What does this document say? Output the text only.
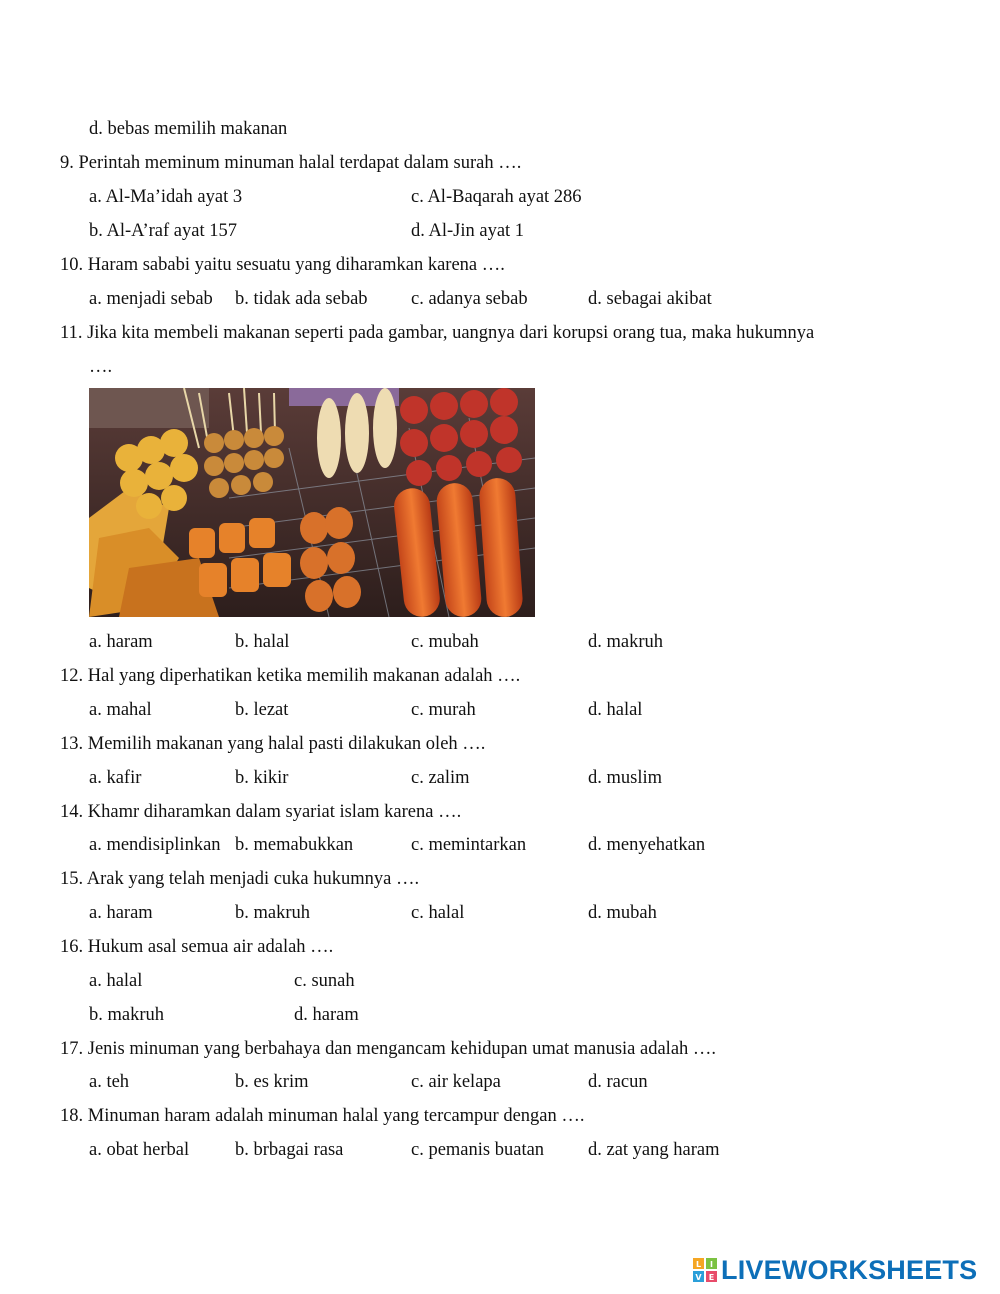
d. bebas memilih makanan
9. Perintah meminum minuman halal terdapat dalam surah ….
a. Al-Ma’idah ayat 3	c. Al-Baqarah ayat 286
b. Al-A’raf ayat 157	d. Al-Jin ayat 1
10. Haram sababi yaitu sesuatu yang diharamkan karena ….
a. menjadi sebab b. tidak ada sebab c. adanya sebab	d. sebagai akibat
11. Jika kita membeli makanan seperti pada gambar, uangnya dari korupsi orang tua, maka hukumnya
….
a. haram	b. halal	c. mubah	d. makruh
12. Hal yang diperhatikan ketika memilih makanan adalah ….
a. mahal	b. lezat	c. murah	d. halal
13. Memilih makanan yang halal pasti dilakukan oleh ….
a. kafir	b. kikir	c. zalim	d. muslim
14. Khamr diharamkan dalam syariat islam karena ….
a. mendisiplinkan b. memabukkan	c. memintarkan	d. menyehatkan
15. Arak yang telah menjadi cuka hukumnya ….
a. haram	b. makruh	c. halal	d. mubah
16. Hukum asal semua air adalah ….
a. halal	c. sunah
b. makruh	d. haram
17. Jenis minuman yang berbahaya dan mengancam kehidupan umat manusia adalah ….
a. teh	b. es krim	c. air kelapa	d. racun
18. Minuman haram adalah minuman halal yang tercampur dengan ….
a. obat herbal b. brbagai rasa	c. pemanis buatan d. zat yang haram
L I
V E LIVEWORKSHEETS
